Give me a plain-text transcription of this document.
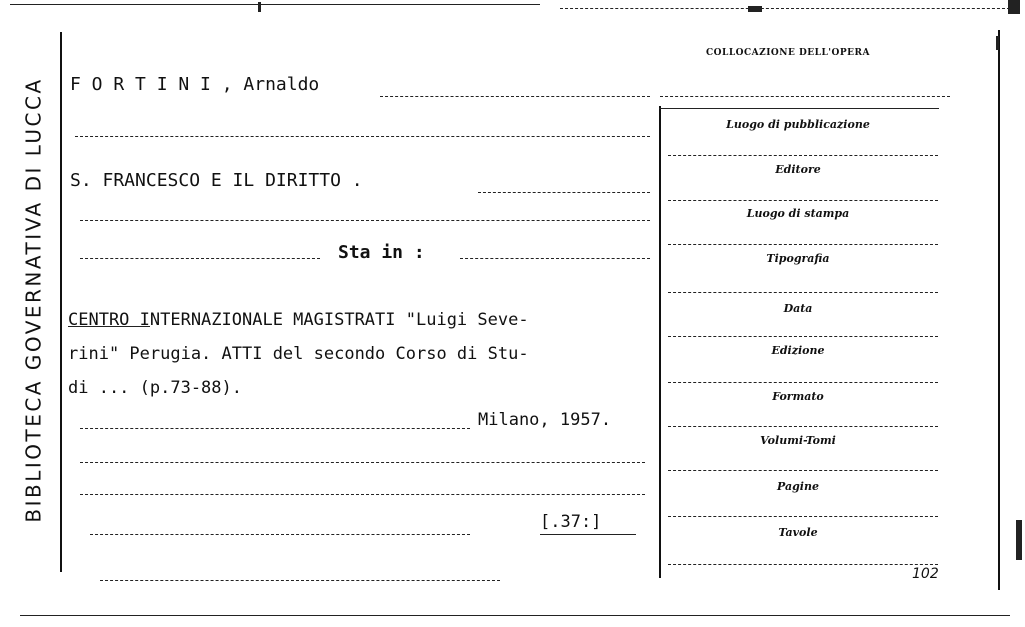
BIBLIOTECA GOVERNATIVA DI LUCCA F O R T I N I , Arnaldo
S. FRANCESCO E IL DIRITTO .
Sta in :
CENTRO INTERNAZIONALE MAGISTRATI "Luigi Seve-
rini" Perugia. ATTI del secondo Corso di Stu-
di ... (p.73-88).
Milano, 1957.
[.37:]
COLLOCAZIONE DELL'OPERA
Luogo di pubblicazione
Editore
Luogo di stampa
Tipografia
Data
Edizione
Formato
Volumi-Tomi
Pagine
Tavole
102
